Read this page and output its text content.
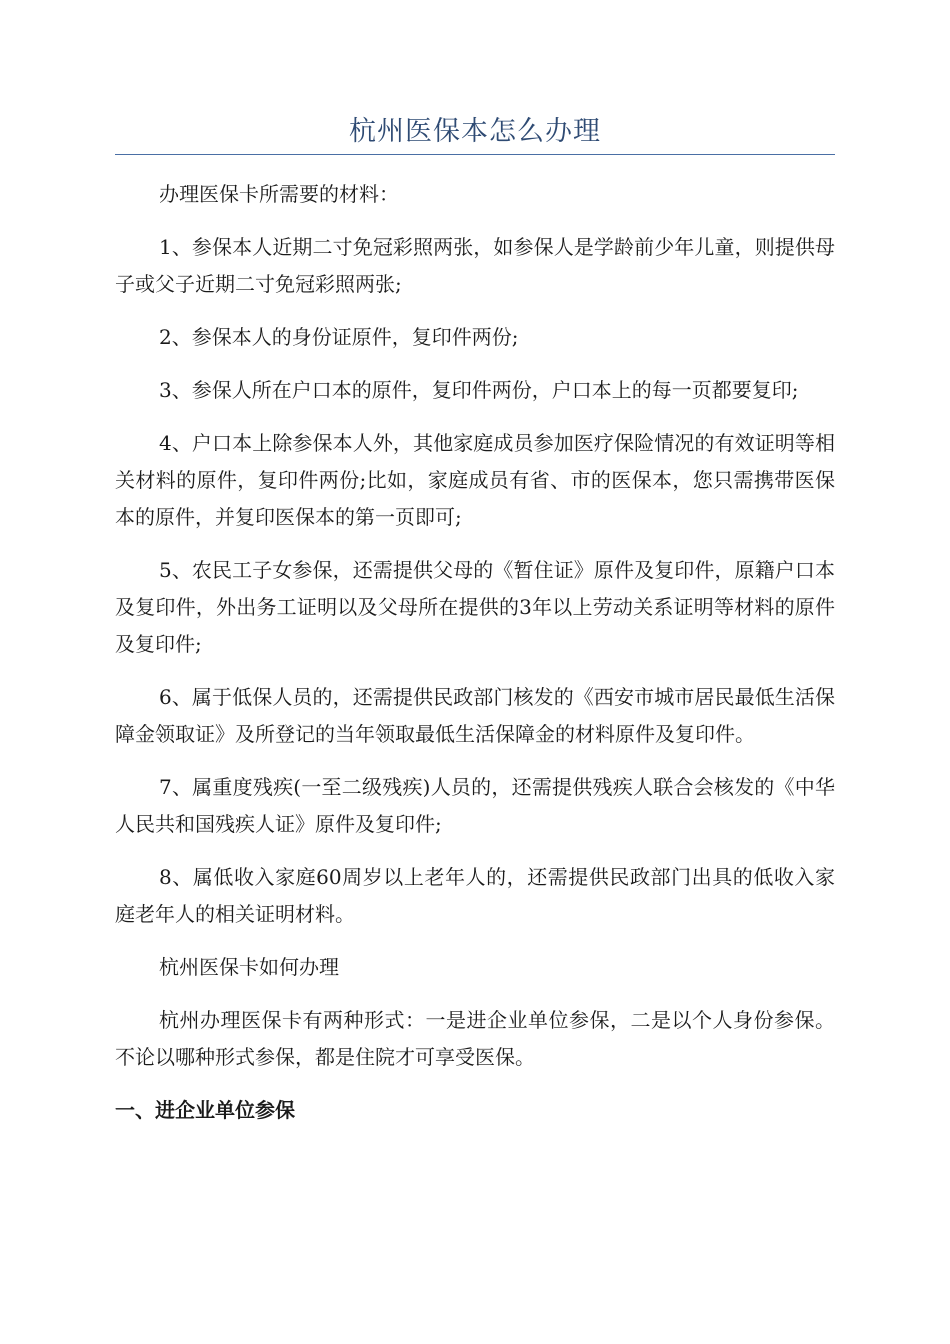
杭州医保本怎么办理

办理医保卡所需要的材料：

1、参保本人近期二寸免冠彩照两张，如参保人是学龄前少年儿童，则提供母子或父子近期二寸免冠彩照两张;

2、参保本人的身份证原件，复印件两份;

3、参保人所在户口本的原件，复印件两份，户口本上的每一页都要复印;

4、户口本上除参保本人外，其他家庭成员参加医疗保险情况的有效证明等相关材料的原件，复印件两份;比如，家庭成员有省、市的医保本，您只需携带医保本的原件，并复印医保本的第一页即可;

5、农民工子女参保，还需提供父母的《暂住证》原件及复印件，原籍户口本及复印件，外出务工证明以及父母所在提供的3年以上劳动关系证明等材料的原件及复印件;

6、属于低保人员的，还需提供民政部门核发的《西安市城市居民最低生活保障金领取证》及所登记的当年领取最低生活保障金的材料原件及复印件。

7、属重度残疾(一至二级残疾)人员的，还需提供残疾人联合会核发的《中华人民共和国残疾人证》原件及复印件;

8、属低收入家庭60周岁以上老年人的，还需提供民政部门出具的低收入家庭老年人的相关证明材料。

杭州医保卡如何办理

杭州办理医保卡有两种形式：一是进企业单位参保，二是以个人身份参保。不论以哪种形式参保，都是住院才可享受医保。

一、进企业单位参保
